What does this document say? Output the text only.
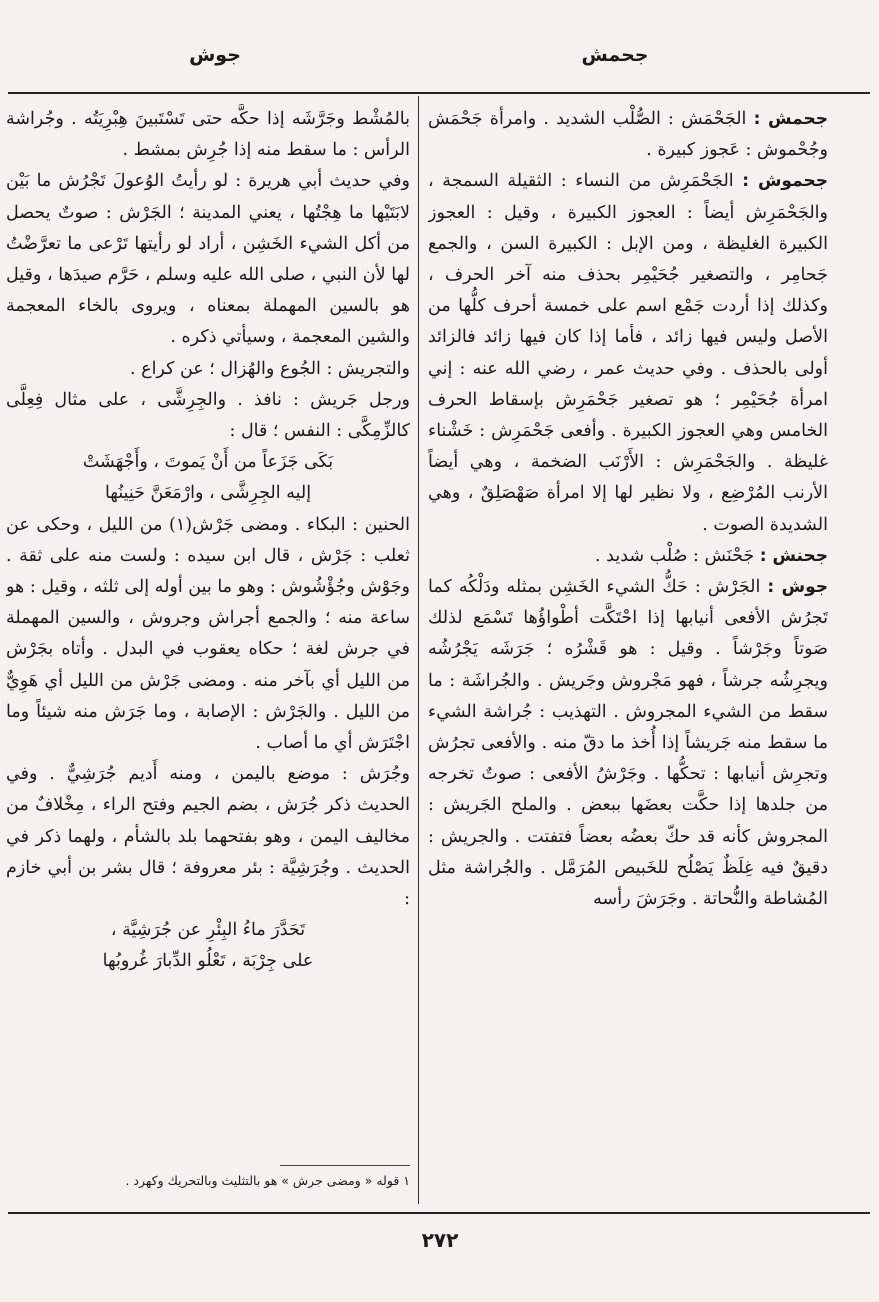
جحمش
جوش

جحمش : الجَحْمَش : الصُّلْب الشديد . وامرأة جَحْمَش وجُحْموش : عَجوز كبيرة .

جحموش : الجَحْمَرِش من النساء : الثقيلة السمجة ، والجَحْمَرِش أيضاً : العجوز الكبيرة ، وقيل : العجوز الكبيرة الغليظة ، ومن الإبل : الكبيرة السن ، والجمع جَحامِر ، والتصغير جُحَيْمِر بحذف منه آخر الحرف ، وكذلك إذا أردت جَمْع اسم على خمسة أحرف كلُّها من الأصل وليس فيها زائد ، فأما إذا كان فيها زائد فالزائد أولى بالحذف . وفي حديث عمر ، رضي الله عنه : إني امرأة جُحَيْمِر ؛ هو تصغير جَحْمَرِش بإسقاط الحرف الخامس وهي العجوز الكبيرة . وأفعى جَحْمَرِش : خَشْناء غليظة . والجَحْمَرِش : الأَرْنَب الضخمة ، وهي أيضاً الأرنب المُرْضِع ، ولا نظير لها إلا امرأة صَهْصَلِقٌ ، وهي الشديدة الصوت .

جحنش : جَحْنَش : صُلْب شديد .

جوش : الجَرْش : حَكُّ الشيء الخَشِن بمثله ودَلْكُه كما تَجرُش الأفعى أنيابها إذا احْتَكَّت أطْواؤُها تَسْمَع لذلك صَوتاً وجَرْشاً . وقيل : هو قَشْرُه ؛ جَرَشَه يَجْرُشُه ويجرِشُه جرشاً ، فهو مَجْروش وجَريش . والجُراشَة : ما سقط من الشيء المجروش . التهذيب : جُراشة الشيء ما سقط منه جَريشاً إذا أُخذ ما دقّ منه . والأفعى تجرُش وتجرِش أنيابها : تحكُّها . وجَرْشُ الأفعى : صوتٌ تخرجه من جلدها إذا حكَّت بعضَها ببعض . والملح الجَريش : المجروش كأنه قد حكّ بعضُه بعضاً فتفتت . والجريش : دقيقٌ فيه غِلَظٌ يَصْلُح للخَبيص المُرَمَّل . والجُراشة مثل المُشاطة والنُّحاتة . وجَرَشَ رأسه

بالمُشْط وجَرَّشَه إذا حكَّه حتى تَسْتَبينَ هِبْرِيَتُه . وجُراشة الرأس : ما سقط منه إذا جُرِش بمشط .

وفي حديث أبي هريرة : لو رأيتُ الوُعولَ تَجْرُش ما بَيْن لابَتَيْها ما هِجْتُها ، يعني المدينة ؛ الجَرْش : صوتٌ يحصل من أكل الشيء الخَشِن ، أراد لو رأيتها تَرْعى ما تعرَّضْتُ لها لأن النبي ، صلى الله عليه وسلم ، حَرَّم صيدَها ، وقيل هو بالسين المهملة بمعناه ، ويروى بالخاء المعجمة والشين المعجمة ، وسيأتي ذكره .

والتجريش : الجُوع والهُزال ؛ عن كراع .

ورجل جَريش : نافذ . والجِرِشَّى ، على مثال فِعِلَّى كالزِّمِكَّى : النفس ؛ قال :

بَكَى جَزَعاً من أَنْ يَموتَ ، وأَجْهَشَتْ

إليه الجِرِشَّى ، وارْمَعَنَّ حَنِينُها

الحنين : البكاء . ومضى جَرْش(١) من الليل ، وحكى عن ثعلب : جَرْش ، قال ابن سيده : ولست منه على ثقة . وجَوْش وجُؤْشُوش : وهو ما بين أوله إلى ثلثه ، وقيل : هو ساعة منه ؛ والجمع أجراش وجروش ، والسين المهملة في جرش لغة ؛ حكاه يعقوب في البدل . وأتاه بجَرْش من الليل أي بآخر منه . ومضى جَرْش من الليل أي هَوِيٌّ من الليل . والجَرْش : الإصابة ، وما جَرَش منه شيئاً وما اجْتَرَش أي ما أصاب .

وجُرَش : موضع باليمن ، ومنه أَديم جُرَشِيٌّ . وفي الحديث ذكر جُرَش ، بضم الجيم وفتح الراء ، مِخْلافٌ من مخاليف اليمن ، وهو بفتحهما بلد بالشأم ، ولهما ذكر في الحديث . وجُرَشِيَّة : بئر معروفة ؛ قال بشر بن أبي خازم :

تَحَدَّرَ ماءُ البِئْرِ عن جُرَشِيَّة ،

على جِرْبَة ، تَعْلُو الدِّبارَ غُروبُها

١ قوله « ومضى جرش » هو بالتثليث وبالتحريك وكهرد .
٢٧٢
